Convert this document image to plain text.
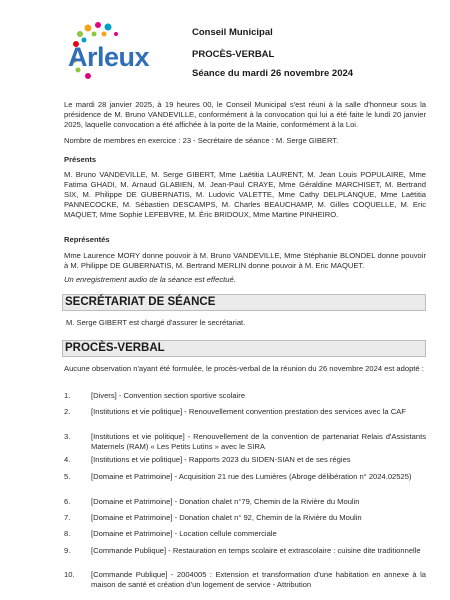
Arleux
Conseil Municipal
PROCÈS-VERBAL
Séance du mardi 26 novembre 2024
Le mardi 28 janvier 2025, à 19 heures 00, le Conseil Municipal s'est réuni à la salle d'honneur sous la présidence de M. Bruno VANDEVILLE, conformément à la convocation qui lui a été faite le lundi 20 janvier 2025, laquelle convocation a été affichée à la porte de la Mairie, conformément à la Loi.
Nombre de membres en exercice : 23 - Secrétaire de séance : M. Serge GIBERT.
Présents
M. Bruno VANDEVILLE, M. Serge GIBERT, Mme Laëtitia LAURENT, M. Jean Louis POPULAIRE, Mme Fatima GHADI, M. Arnaud GLABIEN, M. Jean-Paul CRAYE, Mme Géraldine MARCHISET, M. Bertrand SIX, M. Philippe DE GUBERNATIS, M. Ludovic VALETTE, Mme Cathy DELPLANQUE, Mme Laëtitia PANNECOCKE, M. Sébastien DESCAMPS, M. Charles BEAUCHAMP, M. Gilles COQUELLE, M. Eric MAQUET, Mme Sophie LEFEBVRE, M. Éric BRIDOUX, Mme Martine PINHEIRO.
Représentés
Mme Laurence MORY donne pouvoir à M. Bruno VANDEVILLE, Mme Stéphanie BLONDEL donne pouvoir à M. Philippe DE GUBERNATIS, M. Bertrand MERLIN donne pouvoir à M. Eric MAQUET.
Un enregistrement audio de la séance est effectué.
SECRÉTARIAT DE SÉANCE
M. Serge GIBERT est chargé d'assurer le secrétariat.
PROCÈS-VERBAL
Aucune observation n'ayant été formulée, le procès-verbal de la réunion du 26 novembre 2024 est adopté :
1.	[Divers] - Convention section sportive scolaire
2.	[Institutions et vie politique] - Renouvellement convention prestation des services avec la CAF
3.	[Institutions et vie politique] - Renouvellement de la convention de partenariat Relais d'Assistants Maternels (RAM) « Les Petits Lutins » avec le SIRA
4.	[Institutions et vie politique] - Rapports 2023 du SIDEN-SIAN et de ses régies
5.	[Domaine et Patrimoine] - Acquisition 21 rue des Lumières (Abroge délibération n° 2024.02525)
6.	[Domaine et Patrimoine] - Donation chalet n°79, Chemin de la Rivière du Moulin
7.	[Domaine et Patrimoine] - Donation chalet n° 92, Chemin de la Rivière du Moulin
8.	[Domaine et Patrimoine] - Location cellule commerciale
9.	[Commande Publique] - Restauration en temps scolaire et extrascolaire : cuisine dite traditionnelle
10.	[Commande Publique] - 2004005 : Extension et transformation d'une habitation en annexe à la maison de santé et création d'un logement de service - Attribution
